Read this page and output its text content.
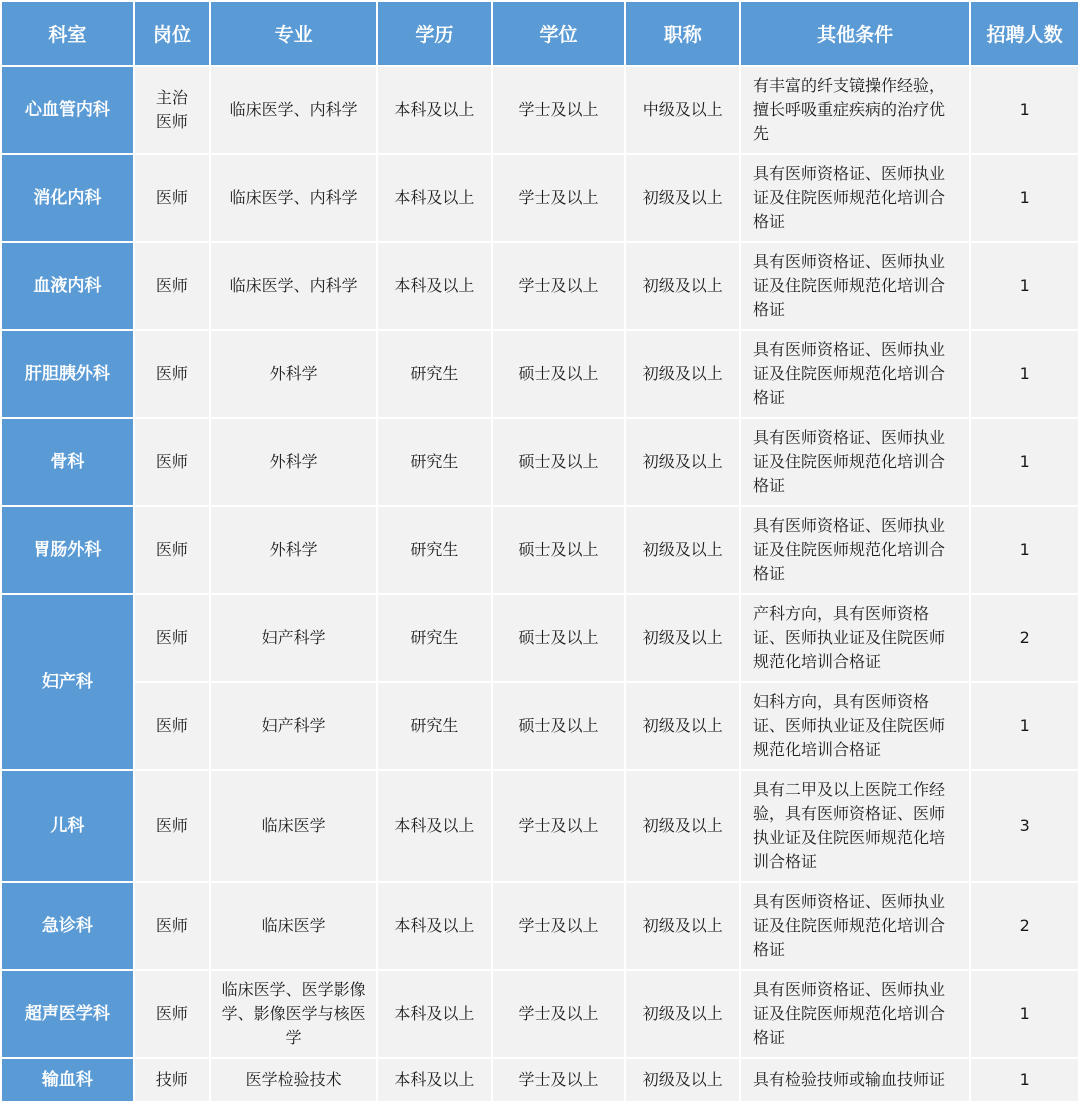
科室	岗位	专业	学历	学位	职称	其他条件	招聘人数
心血管内科	主治医师	临床医学、内科学	本科及以上	学士及以上	中级及以上	有丰富的纤支镜操作经验，擅长呼吸重症疾病的治疗优先	1
消化内科	医师	临床医学、内科学	本科及以上	学士及以上	初级及以上	具有医师资格证、医师执业证及住院医师规范化培训合格证	1
血液内科	医师	临床医学、内科学	本科及以上	学士及以上	初级及以上	具有医师资格证、医师执业证及住院医师规范化培训合格证	1
肝胆胰外科	医师	外科学	研究生	硕士及以上	初级及以上	具有医师资格证、医师执业证及住院医师规范化培训合格证	1
骨科	医师	外科学	研究生	硕士及以上	初级及以上	具有医师资格证、医师执业证及住院医师规范化培训合格证	1
胃肠外科	医师	外科学	研究生	硕士及以上	初级及以上	具有医师资格证、医师执业证及住院医师规范化培训合格证	1
妇产科	医师	妇产科学	研究生	硕士及以上	初级及以上	产科方向，具有医师资格证、医师执业证及住院医师规范化培训合格证	2
	医师	妇产科学	研究生	硕士及以上	初级及以上	妇科方向，具有医师资格证、医师执业证及住院医师规范化培训合格证	1
儿科	医师	临床医学	本科及以上	学士及以上	初级及以上	具有二甲及以上医院工作经验，具有医师资格证、医师执业证及住院医师规范化培训合格证	3
急诊科	医师	临床医学	本科及以上	学士及以上	初级及以上	具有医师资格证、医师执业证及住院医师规范化培训合格证	2
超声医学科	医师	临床医学、医学影像学、影像医学与核医学	本科及以上	学士及以上	初级及以上	具有医师资格证、医师执业证及住院医师规范化培训合格证	1
输血科	技师	医学检验技术	本科及以上	学士及以上	初级及以上	具有检验技师或输血技师证	1
